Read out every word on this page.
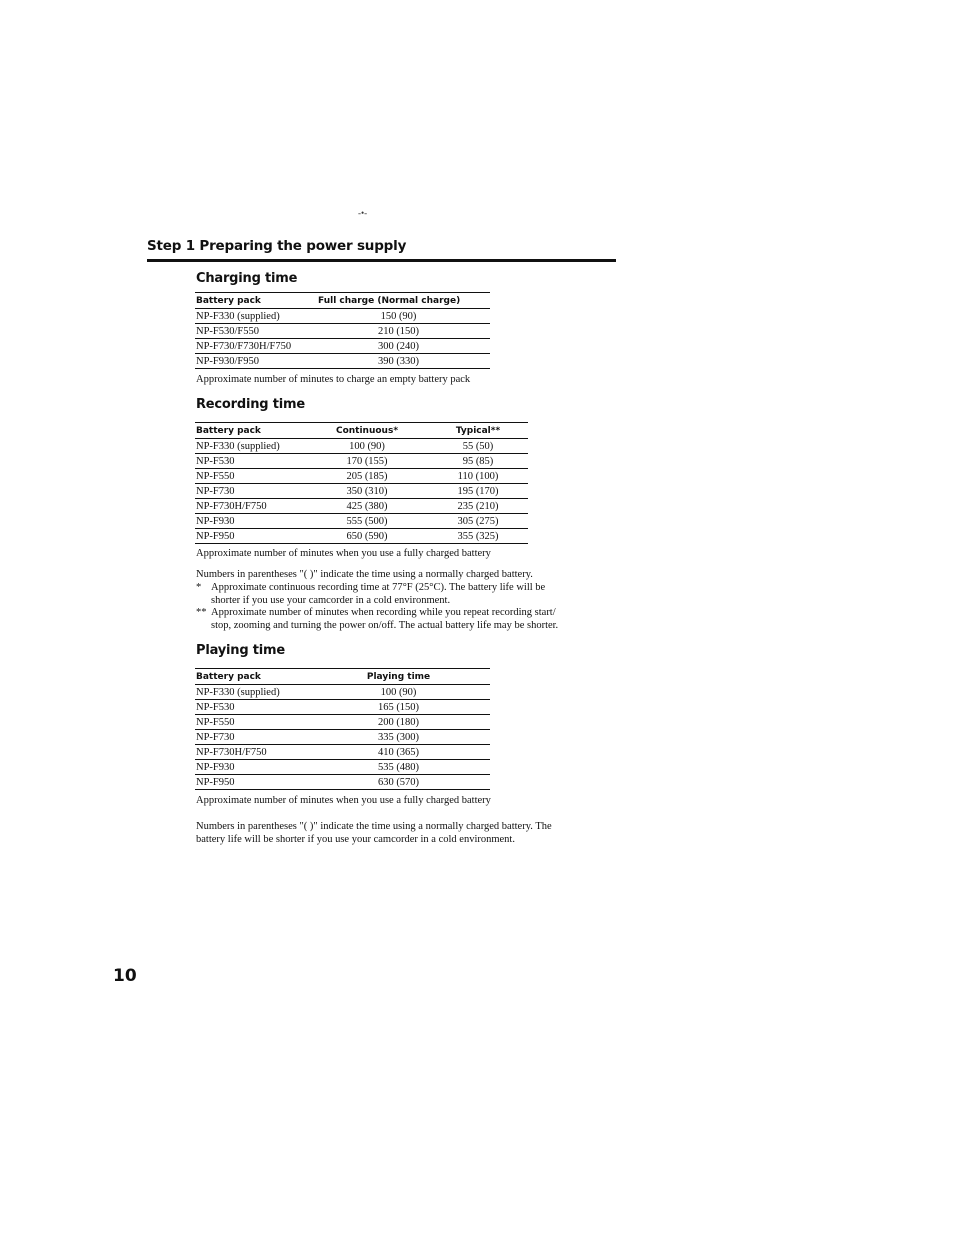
-•-
Step 1 Preparing the power supply
Charging time
Battery pack	Full charge (Normal charge)
NP-F330 (supplied)	150 (90)
NP-F530/F550	210 (150)
NP-F730/F730H/F750	300 (240)
NP-F930/F950	390 (330)
Approximate number of minutes to charge an empty battery pack
Recording time
Battery pack	Continuous*	Typical**
NP-F330 (supplied)	100 (90)	55 (50)
NP-F530	170 (155)	95 (85)
NP-F550	205 (185)	110 (100)
NP-F730	350 (310)	195 (170)
NP-F730H/F750	425 (380)	235 (210)
NP-F930	555 (500)	305 (275)
NP-F950	650 (590)	355 (325)
Approximate number of minutes when you use a fully charged battery
Numbers in parentheses "( )" indicate the time using a normally charged battery.
* Approximate continuous recording time at 77°F (25°C). The battery life will be
shorter if you use your camcorder in a cold environment.
** Approximate number of minutes when recording while you repeat recording start/
stop, zooming and turning the power on/off. The actual battery life may be shorter.
Playing time
Battery pack	Playing time
NP-F330 (supplied)	100 (90)
NP-F530	165 (150)
NP-F550	200 (180)
NP-F730	335 (300)
NP-F730H/F750	410 (365)
NP-F930	535 (480)
NP-F950	630 (570)
Approximate number of minutes when you use a fully charged battery
Numbers in parentheses "( )" indicate the time using a normally charged battery. The
battery life will be shorter if you use your camcorder in a cold environment.
10
